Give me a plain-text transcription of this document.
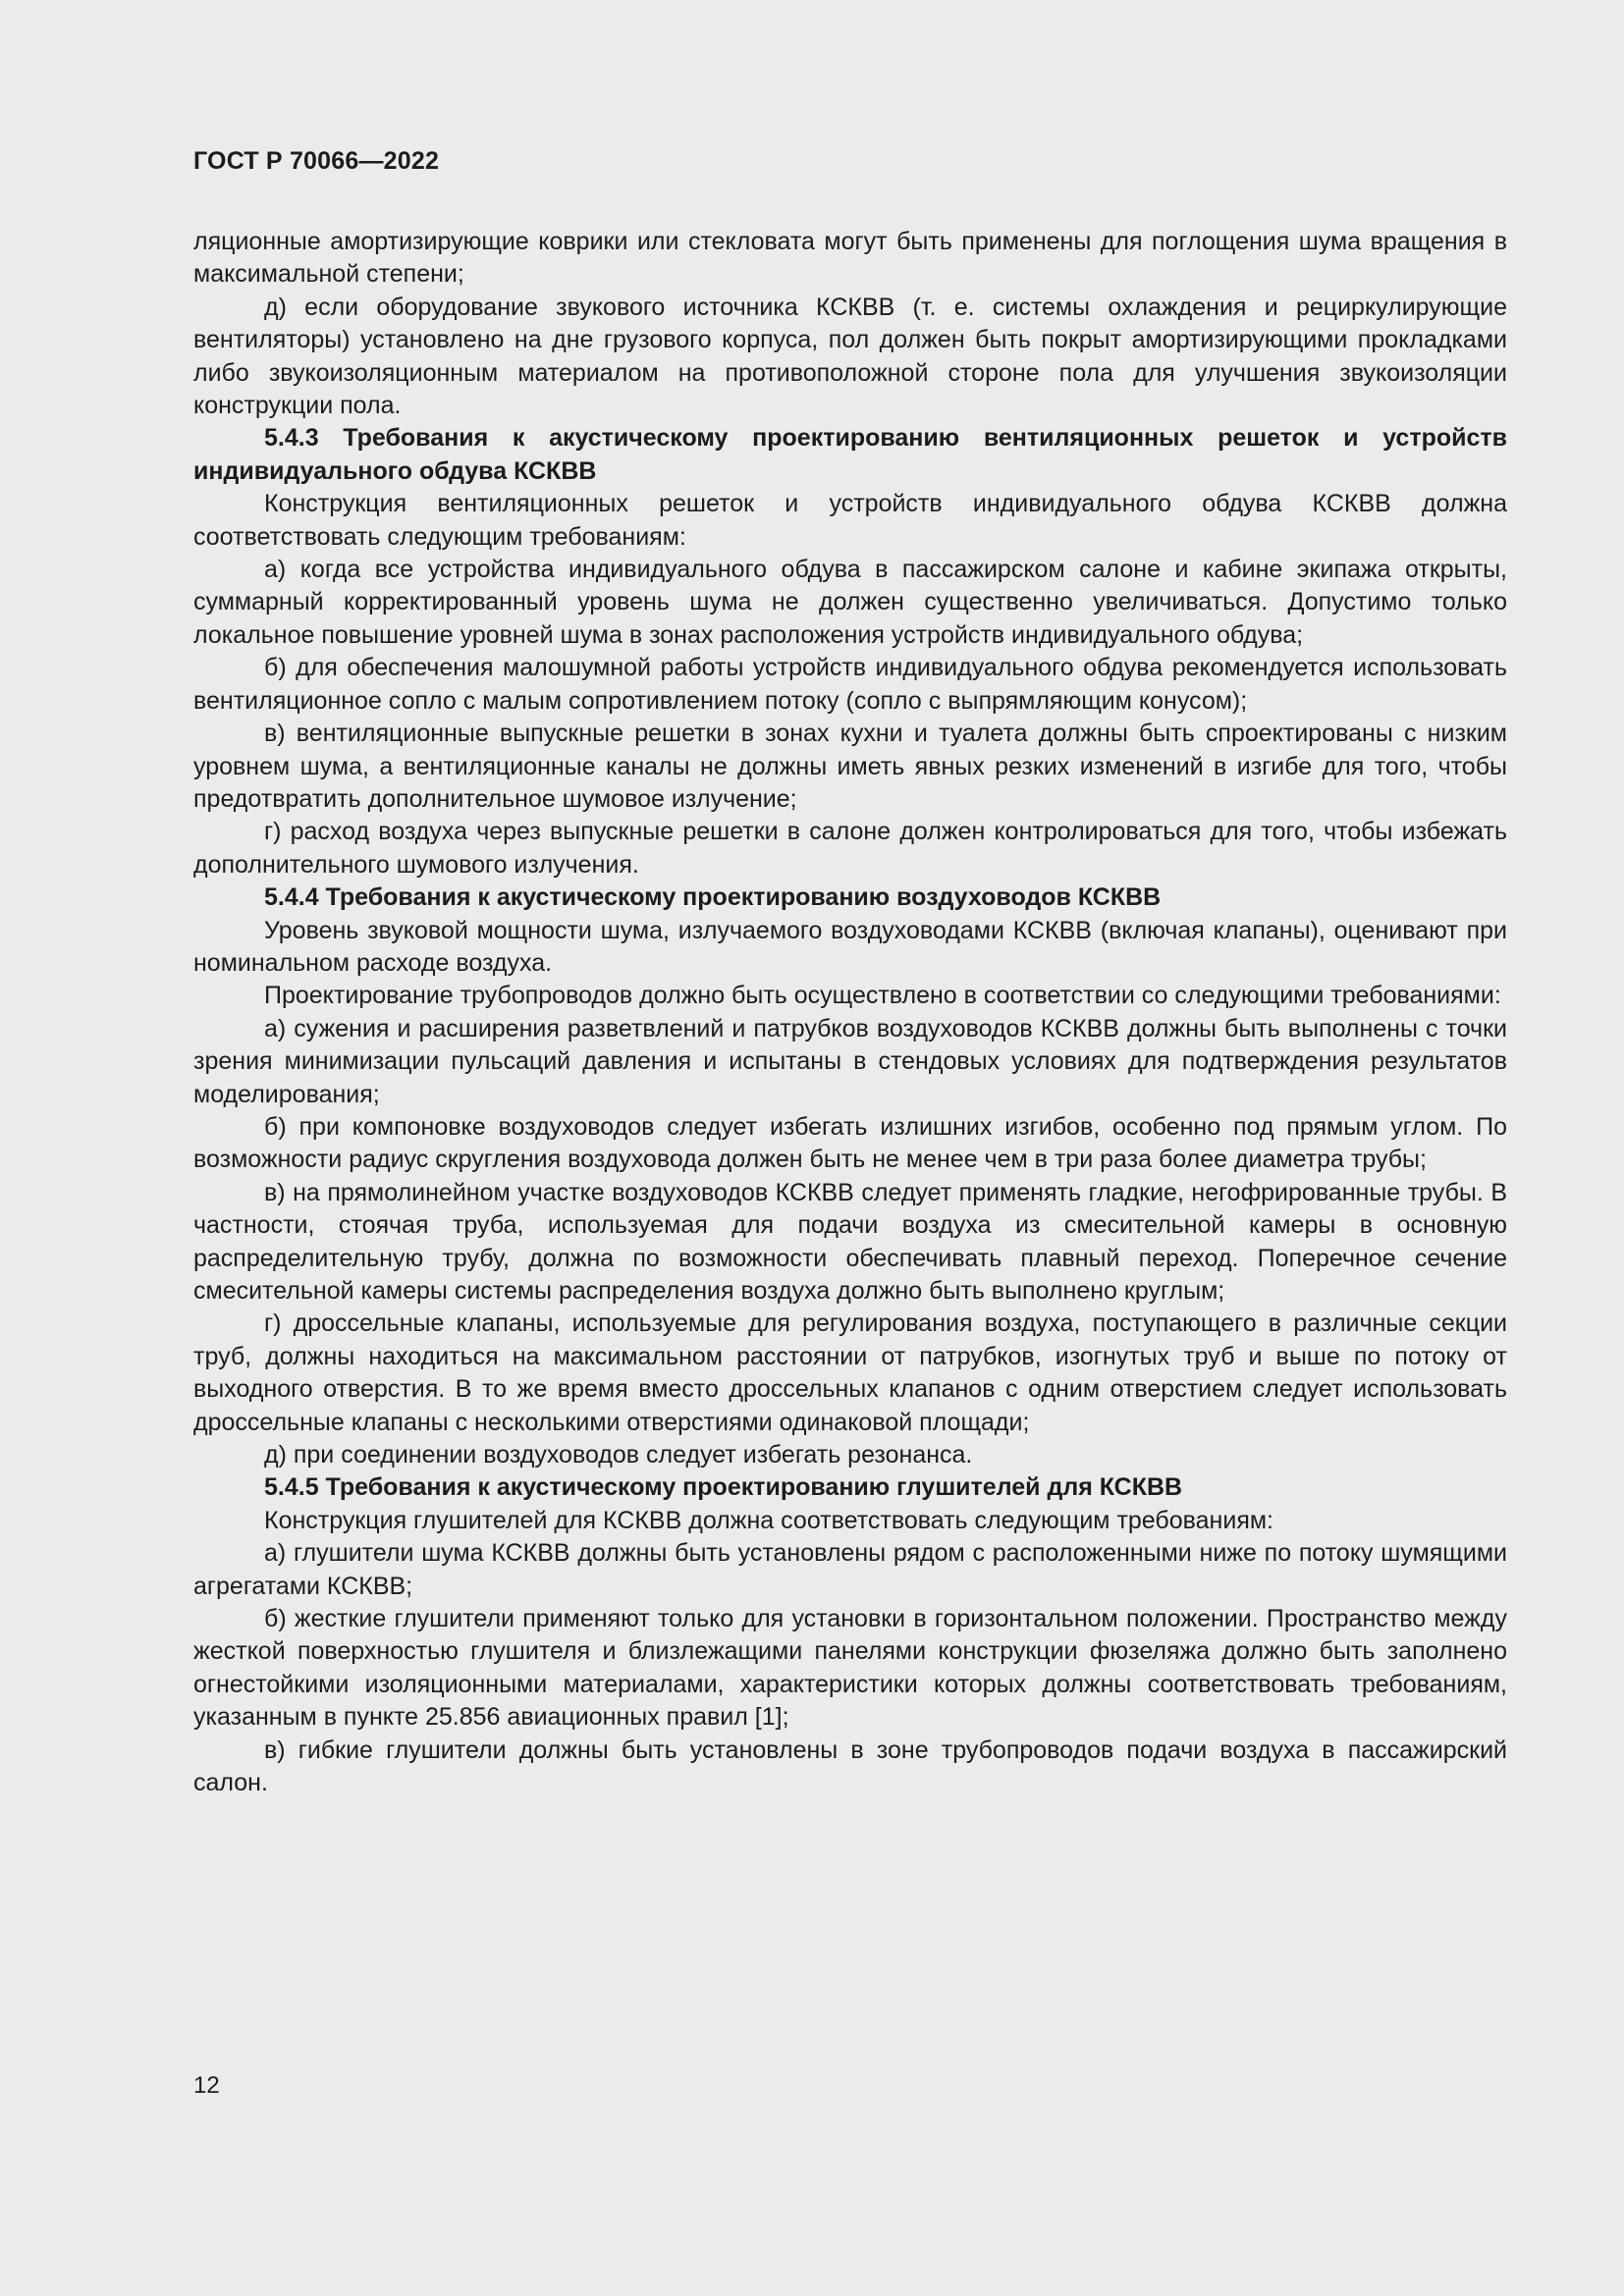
ГОСТ Р 70066—2022

ляционные амортизирующие коврики или стекловата могут быть применены для поглощения шума вращения в максимальной степени;

д) если оборудование звукового источника КСКВВ (т. е. системы охлаждения и рециркулирующие вентиляторы) установлено на дне грузового корпуса, пол должен быть покрыт амортизирующими прокладками либо звукоизоляционным материалом на противоположной стороне пола для улучшения звукоизоляции конструкции пола.

5.4.3 Требования к акустическому проектированию вентиляционных решеток и устройств индивидуального обдува КСКВВ

Конструкция вентиляционных решеток и устройств индивидуального обдува КСКВВ должна соответствовать следующим требованиям:

а) когда все устройства индивидуального обдува в пассажирском салоне и кабине экипажа открыты, суммарный корректированный уровень шума не должен существенно увеличиваться. Допустимо только локальное повышение уровней шума в зонах расположения устройств индивидуального обдува;

б) для обеспечения малошумной работы устройств индивидуального обдува рекомендуется использовать вентиляционное сопло с малым сопротивлением потоку (сопло с выпрямляющим конусом);

в) вентиляционные выпускные решетки в зонах кухни и туалета должны быть спроектированы с низким уровнем шума, а вентиляционные каналы не должны иметь явных резких изменений в изгибе для того, чтобы предотвратить дополнительное шумовое излучение;

г) расход воздуха через выпускные решетки в салоне должен контролироваться для того, чтобы избежать дополнительного шумового излучения.

5.4.4 Требования к акустическому проектированию воздуховодов КСКВВ

Уровень звуковой мощности шума, излучаемого воздуховодами КСКВВ (включая клапаны), оценивают при номинальном расходе воздуха.

Проектирование трубопроводов должно быть осуществлено в соответствии со следующими требованиями:

а) сужения и расширения разветвлений и патрубков воздуховодов КСКВВ должны быть выполнены с точки зрения минимизации пульсаций давления и испытаны в стендовых условиях для подтверждения результатов моделирования;

б) при компоновке воздуховодов следует избегать излишних изгибов, особенно под прямым углом. По возможности радиус скругления воздуховода должен быть не менее чем в три раза более диаметра трубы;

в) на прямолинейном участке воздуховодов КСКВВ следует применять гладкие, негофрированные трубы. В частности, стоячая труба, используемая для подачи воздуха из смесительной камеры в основную распределительную трубу, должна по возможности обеспечивать плавный переход. Поперечное сечение смесительной камеры системы распределения воздуха должно быть выполнено круглым;

г) дроссельные клапаны, используемые для регулирования воздуха, поступающего в различные секции труб, должны находиться на максимальном расстоянии от патрубков, изогнутых труб и выше по потоку от выходного отверстия. В то же время вместо дроссельных клапанов с одним отверстием следует использовать дроссельные клапаны с несколькими отверстиями одинаковой площади;

д) при соединении воздуховодов следует избегать резонанса.

5.4.5 Требования к акустическому проектированию глушителей для КСКВВ

Конструкция глушителей для КСКВВ должна соответствовать следующим требованиям:

а) глушители шума КСКВВ должны быть установлены рядом с расположенными ниже по потоку шумящими агрегатами КСКВВ;

б) жесткие глушители применяют только для установки в горизонтальном положении. Пространство между жесткой поверхностью глушителя и близлежащими панелями конструкции фюзеляжа должно быть заполнено огнестойкими изоляционными материалами, характеристики которых должны соответствовать требованиям, указанным в пункте 25.856 авиационных правил [1];

в) гибкие глушители должны быть установлены в зоне трубопроводов подачи воздуха в пассажирский салон.

12
